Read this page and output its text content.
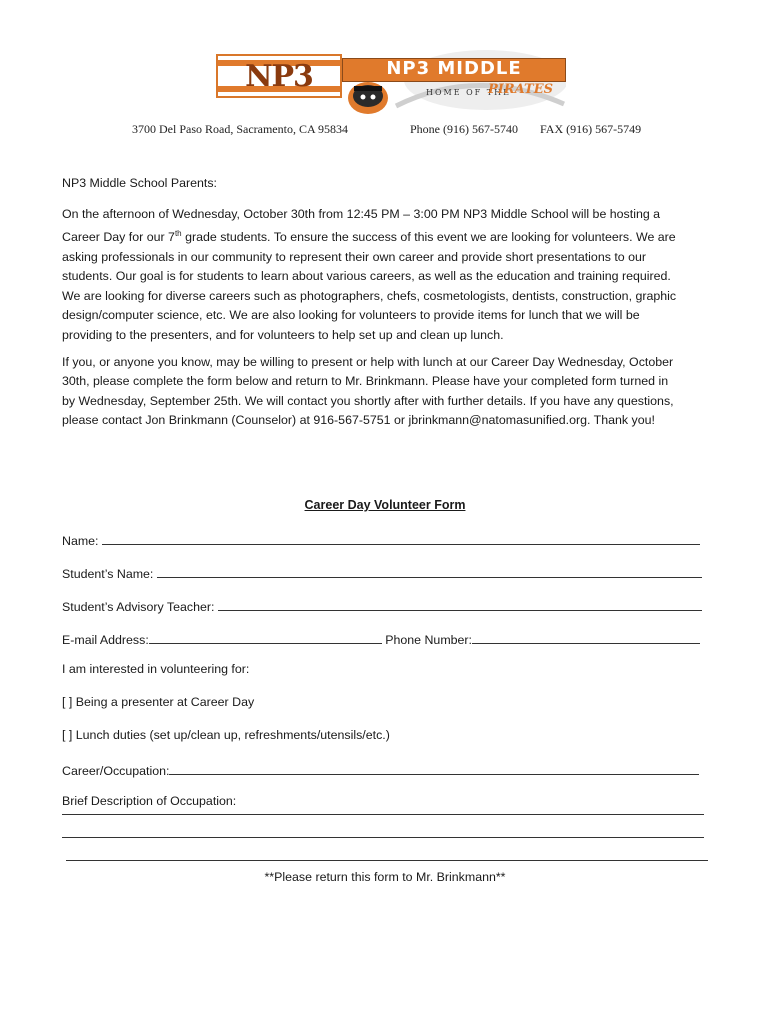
NP3	NP3 MIDDLE
HOME OF THE
PIRATES
3700 Del Paso Road, Sacramento, CA 95834	Phone (916) 567-5740 FAX (916) 567-5749
NP3 Middle School Parents:
On the afternoon of Wednesday, October 30th from 12:45 PM – 3:00 PM NP3 Middle School will be hosting a
Career Day for our 7th grade students. To ensure the success of this event we are looking for volunteers. We are
asking professionals in our community to represent their own career and provide short presentations to our
students. Our goal is for students to learn about various careers, as well as the education and training required.
We are looking for diverse careers such as photographers, chefs, cosmetologists, dentists, construction, graphic
design/computer science, etc. We are also looking for volunteers to provide items for lunch that we will be
providing to the presenters, and for volunteers to help set up and clean up lunch.
If you, or anyone you know, may be willing to present or help with lunch at our Career Day Wednesday, October
30th, please complete the form below and return to Mr. Brinkmann. Please have your completed form turned in
by Wednesday, September 25th. We will contact you shortly after with further details. If you have any questions,
please contact Jon Brinkmann (Counselor) at 916-567-5751 or jbrinkmann@natomasunified.org. Thank you!
Career Day Volunteer Form
Name:
Student’s Name:
Student’s Advisory Teacher:
E-mail Address:	Phone Number:
I am interested in volunteering for:
[ ] Being a presenter at Career Day
[ ] Lunch duties (set up/clean up, refreshments/utensils/etc.)
Career/Occupation:
Brief Description of Occupation:
**Please return this form to Mr. Brinkmann**
